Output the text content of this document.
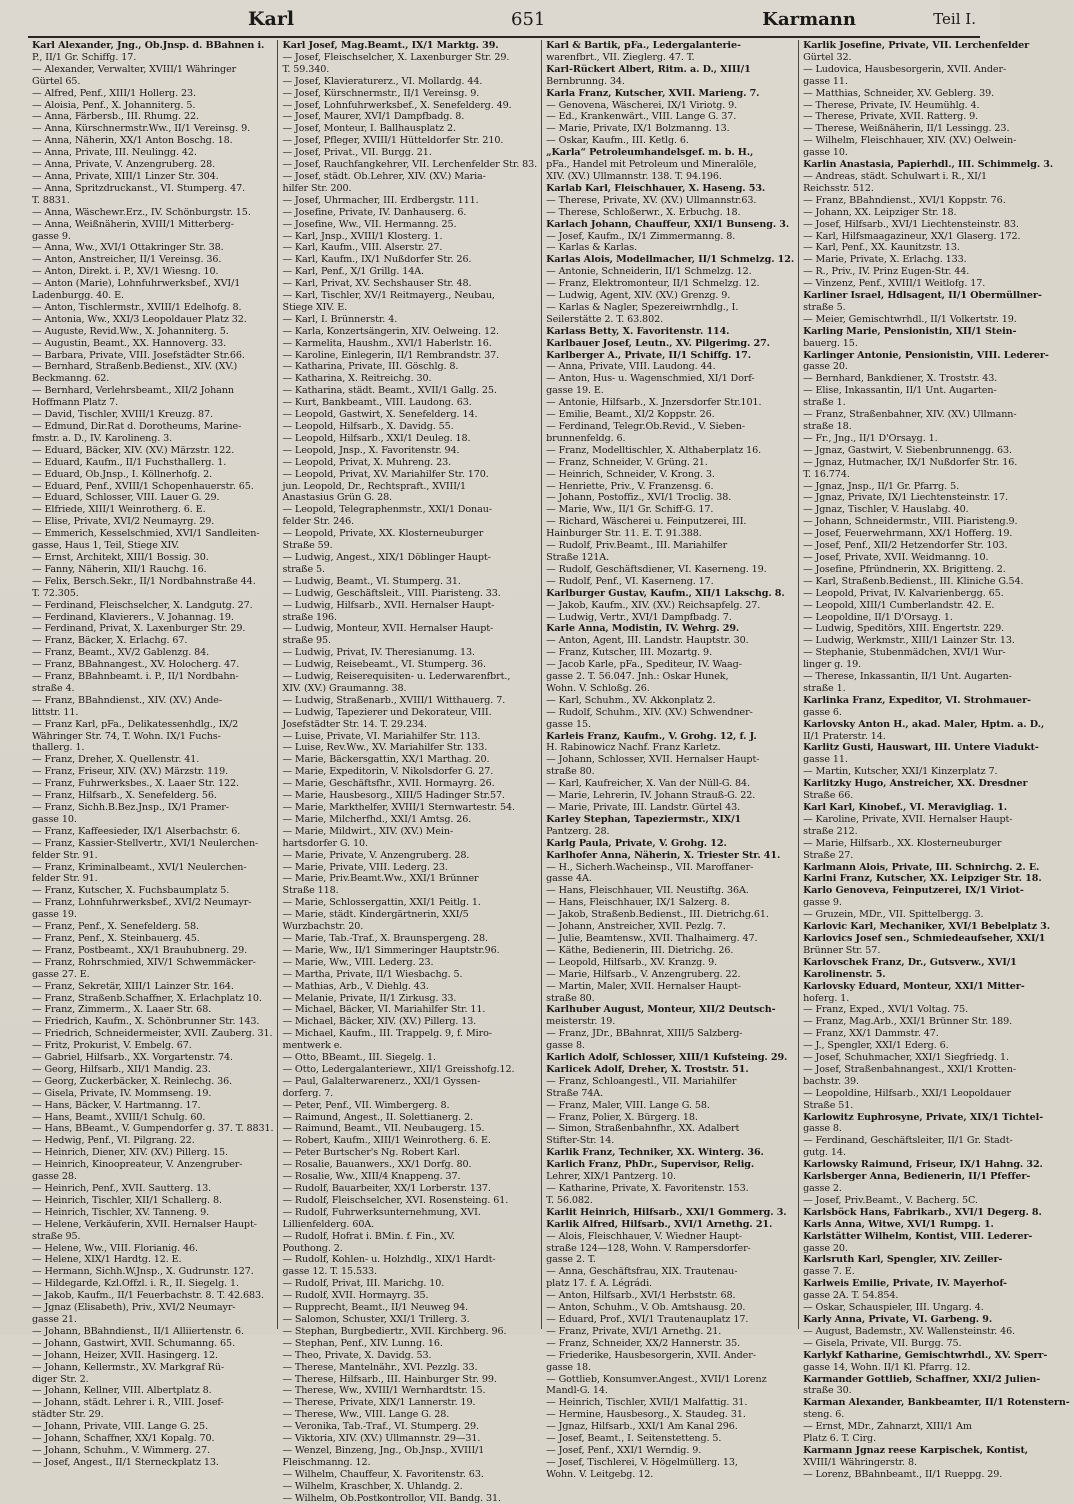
Karl	651	Karmann	Teil I.
Karl Alexander, Jng., Ob.Jnsp. d. BBahnen i.
P., II/1 Gr. Schiffg. 17.
— Alexander, Verwalter, XVIII/1 Währinger
Gürtel 65.
— Alfred, Penf., XIII/1 Hollerg. 23.
— Aloisia, Penf., X. Johanniterg. 5.
— Anna, Färbersb., III. Rhumg. 22.
— Anna, Kürschnermstr.Ww., II/1 Vereinsg. 9.
— Anna, Näherin, XX/1 Anton Boschg. 18.
— Anna, Private, III. Neulingg. 42.
— Anna, Private, V. Anzengruberg. 28.
— Anna, Private, XIII/1 Linzer Str. 304.
— Anna, Spritzdruckanst., VI. Stumperg. 47.
T. 8831.
— Anna, Wäschewr.Erz., IV. Schönburgstr. 15.
— Anna, Weißnäherin, XVIII/1 Mitterberg-
gasse 9.
— Anna, Ww., XVI/1 Ottakringer Str. 38.
— Anton, Anstreicher, II/1 Vereinsg. 36.
— Anton, Direkt. i. P., XV/1 Wiesng. 10.
— Anton (Marie), Lohnfuhrwerksbef., XVI/1
Ladenburgg. 40. E.
— Anton, Tischlermstr., XVIII/1 Edelhofg. 8.
— Antonia, Ww., XXI/3 Leopoldauer Platz 32.
— Auguste, Revid.Ww., X. Johanniterg. 5.
— Augustin, Beamt., XX. Hannoverg. 33.
— Barbara, Private, VIII. Josefstädter Str.66.
— Bernhard, Straßenb.Bedienst., XIV. (XV.)
Beckmanng. 62.
— Bernhard, Verlehrsbeamt., XII/2 Johann
Hoffmann Platz 7.
— David, Tischler, XVIII/1 Kreuzg. 87.
— Edmund, Dir.Rat d. Dorotheums, Marine-
fmstr. a. D., IV. Karolineng. 3.
— Eduard, Bäcker, XIV. (XV.) Märzstr. 122.
— Eduard, Kaufm., II/1 Fuchsthallerg. 1.
— Eduard, Ob.Jnsp., I. Köllnerhofg. 2.
— Eduard, Penf., XVIII/1 Schopenhauerstr. 65.
— Eduard, Schlosser, VIII. Lauer G. 29.
— Elfriede, XIII/1 Weinrotherg. 6. E.
— Elise, Private, XVI/2 Neumayrg. 29.
— Emmerich, Kesselschmied, XVI/1 Sandleiten-
gasse, Haus 1, Teil, Stiege XIV.
— Ernst, Architekt, XIII/1 Bossig. 30.
— Fanny, Näherin, XII/1 Rauchg. 16.
— Felix, Bersch.Sekr., II/1 Nordbahnstraße 44.
T. 72.305.
— Ferdinand, Fleischselcher, X. Landgutg. 27.
— Ferdinand, Klavierers., V. Johannag. 19.
— Ferdinand, Privat, X. Laxenburger Str. 29.
— Franz, Bäcker, X. Erlachg. 67.
— Franz, Beamt., XV/2 Gablenzg. 84.
— Franz, BBahnangest., XV. Holocherg. 47.
— Franz, BBahnbeamt. i. P., II/1 Nordbahn-
straße 4.
— Franz, BBahndienst., XIV. (XV.) Ande-
littstr. 11.
— Franz Karl, pFa., Delikatessenhdlg., IX/2
Währinger Str. 74, T. Wohn. IX/1 Fuchs-
thallerg. 1.
— Franz, Dreher, X. Quellenstr. 41.
— Franz, Friseur, XIV. (XV.) Märzstr. 119.
— Franz, Fuhrwerksbes., X. Laaer Str. 122.
— Franz, Hilfsarb., X. Senefelderg. 56.
— Franz, Sichh.B.Bez.Jnsp., IX/1 Pramer-
gasse 10.
— Franz, Kaffeesieder, IX/1 Alserbachstr. 6.
— Franz, Kassier-Stellvertr., XVI/1 Neulerchen-
felder Str. 91.
— Franz, Kriminalbeamt., XVI/1 Neulerchen-
felder Str. 91.
— Franz, Kutscher, X. Fuchsbaumplatz 5.
— Franz, Lohnfuhrwerksbef., XVI/2 Neumayr-
gasse 19.
— Franz, Penf., X. Senefelderg. 58.
— Franz, Penf., X. Steinbauerg. 45.
— Franz, Postbeamt., XX/1 Brauhubnerg. 29.
— Franz, Rohrschmied, XIV/1 Schwemmäcker-
gasse 27. E.
— Franz, Sekretär, XIII/1 Lainzer Str. 164.
— Franz, Straßenb.Schaffner, X. Erlachplatz 10.
— Franz, Zimmerm., X. Laaer Str. 68.
— Friedrich, Kaufm., X. Schönbrunner Str. 143.
— Friedrich, Schneidermeister, XVII. Zauberg. 31.
— Fritz, Prokurist, V. Embelg. 67.
— Gabriel, Hilfsarb., XX. Vorgartenstr. 74.
— Georg, Hilfsarb., XII/1 Mandig. 23.
— Georg, Zuckerbäcker, X. Reinlechg. 36.
— Gisela, Private, IV. Mommseng. 19.
— Hans, Bäcker, V. Hartmanng. 17.
— Hans, Beamt., XVIII/1 Schulg. 60.
— Hans, BBeamt., V. Gumpendorfer g. 37. T. 8831.
— Hedwig, Penf., VI. Pilgrang. 22.
— Heinrich, Diener, XIV. (XV.) Pillerg. 15.
— Heinrich, Kinoopreateur, V. Anzengruber-
gasse 28.
— Heinrich, Penf., XVII. Sautterg. 13.
— Heinrich, Tischler, XII/1 Schallerg. 8.
— Heinrich, Tischler, XV. Tanneng. 9.
— Helene, Verkäuferin, XVII. Hernalser Haupt-
straße 95.
— Helene, Ww., VIII. Florianig. 46.
— Helene, XIX/1 Hardtg. 12. E.
— Hermann, Sichh.W.Jnsp., X. Gudrunstr. 127.
— Hildegarde, Kzl.Offzl. i. R., II. Siegelg. 1.
— Jakob, Kaufm., II/1 Feuerbachstr. 8. T. 42.683.
— Jgnaz (Elisabeth), Priv., XVI/2 Neumayr-
gasse 21.
— Johann, BBahndienst., II/1 Alliiertenstr. 6.
— Johann, Gastwirt, XVII. Schumanng. 65.
— Johann, Heizer, XVII. Hasingerg. 12.
— Johann, Kellermstr., XV. Markgraf Rü-
diger Str. 2.
— Johann, Kellner, VIII. Albertplatz 8.
— Johann, städt. Lehrer i. R., VIII. Josef-
städter Str. 29.
— Johann, Private, VIII. Lange G. 25.
— Johann, Schaffner, XX/1 Kopalg. 70.
— Johann, Schuhm., V. Wimmerg. 27.
— Josef, Angest., II/1 Sterneckplatz 13.
Karl Josef, Mag.Beamt., IX/1 Marktg. 39.
— Josef, Fleischselcher, X. Laxenburger Str. 29.
T. 59.340.
— Josef, Klavieraturerz., VI. Mollardg. 44.
— Josef, Kürschnermstr., II/1 Vereinsg. 9.
— Josef, Lohnfuhrwerksbef., X. Senefelderg. 49.
— Josef, Maurer, XVI/1 Dampfbadg. 8.
— Josef, Monteur, I. Ballhausplatz 2.
— Josef, Pfleger, XVIII/1 Hütteldorfer Str. 210.
— Josef, Privat., VII. Burgg. 21.
— Josef, Rauchfangkehrer, VII. Lerchenfelder Str. 83.
— Josef, städt. Ob.Lehrer, XIV. (XV.) Maria-
hilfer Str. 200.
— Josef, Uhrmacher, III. Erdbergstr. 111.
— Josefine, Private, IV. Danhauserg. 6.
— Josefine, Ww., VII. Hermanng. 25.
— Karl, Jnsp., XVIII/1 Klosterg. 1.
— Karl, Kaufm., VIII. Alserstr. 27.
— Karl, Kaufm., IX/1 Nußdorfer Str. 26.
— Karl, Penf., X/1 Grillg. 14A.
— Karl, Privat, XV. Sechshauser Str. 48.
— Karl, Tischler, XV/1 Reitmayerg., Neubau,
Stiege XIV. E.
— Karl, I. Brünnerstr. 4.
— Karla, Konzertsängerin, XIV. Oelweing. 12.
— Karmelita, Haushm., XVI/1 Haberlstr. 16.
— Karoline, Einlegerin, II/1 Rembrandstr. 37.
— Katharina, Private, III. Göschlg. 8.
— Katharina, X. Reitreichg. 30.
— Katharina, städt. Beamt., XVII/1 Gallg. 25.
— Kurt, Bankbeamt., VIII. Laudong. 63.
— Leopold, Gastwirt, X. Senefelderg. 14.
— Leopold, Hilfsarb., X. Davidg. 55.
— Leopold, Hilfsarb., XXI/1 Deuleg. 18.
— Leopold, Jnsp., X. Favoritenstr. 94.
— Leopold, Privat, X. Muhreng. 23.
— Leopold, Privat, XV. Mariahilfer Str. 170.
jun. Leopold, Dr., Rechtspraft., XVIII/1
Anastasius Grün G. 28.
— Leopold, Telegraphenmstr., XXI/1 Donau-
felder Str. 246.
— Leopold, Private, XX. Klosterneuburger
Straße 59.
— Ludwig, Angest., XIX/1 Döblinger Haupt-
straße 5.
— Ludwig, Beamt., VI. Stumperg. 31.
— Ludwig, Geschäftsleit., VIII. Piaristeng. 33.
— Ludwig, Hilfsarb., XVII. Hernalser Haupt-
straße 196.
— Ludwig, Monteur, XVII. Hernalser Haupt-
straße 95.
— Ludwig, Privat, IV. Theresianumg. 13.
— Ludwig, Reisebeamt., VI. Stumperg. 36.
— Ludwig, Reiserequisiten- u. Lederwarenfbrt.,
XIV. (XV.) Graumanng. 38.
— Ludwig, Straßenarb., XVIII/1 Witthauerg. 7.
— Ludwig, Tapezierer und Dekorateur, VIII.
Josefstädter Str. 14. T. 29.234.
— Luise, Private, VI. Mariahilfer Str. 113.
— Luise, Rev.Ww., XV. Mariahilfer Str. 133.
— Marie, Bäckersgattin, XX/1 Marthag. 20.
— Marie, Expeditorin, V. Nikolsdorfer G. 27.
— Marie, Geschäftsfhr., XVII. Hormayrg. 26.
— Marie, Hausbesorg., XIII/5 Hadinger Str.57.
— Marie, Markthelfer, XVIII/1 Sternwartestr. 54.
— Marie, Milcherfhd., XXI/1 Amtsg. 26.
— Marie, Mildwirt., XIV. (XV.) Mein-
hartsdorfer G. 10.
— Marie, Private, V. Anzengruberg. 28.
— Marie, Private, VIII. Lederg. 23.
— Marie, Priv.Beamt.Ww., XXI/1 Brünner
Straße 118.
— Marie, Schlossergattin, XXI/1 Peitlg. 1.
— Marie, städt. Kindergärtnerin, XXI/5
Wurzbachstr. 20.
— Marie, Tab.-Traf., X. Braunspergeng. 28.
— Marie, Ww., II/1 Simmeringer Hauptstr.96.
— Marie, Ww., VIII. Lederg. 23.
— Martha, Private, II/1 Wiesbachg. 5.
— Mathias, Arb., V. Diehlg. 43.
— Melanie, Private, II/1 Zirkusg. 33.
— Michael, Bäcker, VI. Mariahilfer Str. 11.
— Michael, Bäcker, XIV. (XV.) Pillerg. 13.
— Michael, Kaufm., III. Trappelg. 9, f. Miro-
mentwerk e.
— Otto, BBeamt., III. Siegelg. 1.
— Otto, Ledergalanteriewr., XII/1 Greisshofg.12.
— Paul, Galalterwarenerz., XXI/1 Gyssen-
dorferg. 7.
— Peter, Penf., VII. Wimbergerg. 8.
— Raimund, Angest., II. Solettianerg. 2.
— Raimund, Beamt., VII. Neubaugerg. 15.
— Robert, Kaufm., XIII/1 Weinrotherg. 6. E.
— Peter Burtscher's Ng. Robert Karl.
— Rosalie, Bauanwers., XX/1 Dorfg. 80.
— Rosalie, Ww., XIII/4 Knappeng. 37.
— Rudolf, Bauarbeiter, XX/1 Lorberstr. 137.
— Rudolf, Fleischselcher, XVI. Rosensteing. 61.
— Rudolf, Fuhrwerksunternehmung, XVI.
Lillienfelderg. 60A.
— Rudolf, Hofrat i. BMin. f. Fin., XV.
Pouthong. 2.
— Rudolf, Kohlen- u. Holzhdlg., XIX/1 Hardt-
gasse 12. T. 15.533.
— Rudolf, Privat, III. Marichg. 10.
— Rudolf, XVII. Hormayrg. 35.
— Rupprecht, Beamt., II/1 Neuweg 94.
— Salomon, Schuster, XXI/1 Trillerg. 3.
— Stephan, Burgbediertr., XVII. Kirchberg. 96.
— Stephan, Penf., XIV. Lunng. 16.
— Theo, Private, X. Davidg. 53.
— Therese, Mantelnähr., XVI. Pezzlg. 33.
— Therese, Hilfsarb., III. Hainburger Str. 99.
— Therese, Ww., XVIII/1 Wernhardtstr. 15.
— Therese, Private, XIX/1 Lannerstr. 19.
— Therese, Ww., VIII. Lange G. 28.
— Veronika, Tab.-Traf., VI. Stumperg. 29.
— Viktoria, XIV. (XV.) Ullmannstr. 29—31.
— Wenzel, Binzeng, Jng., Ob.Jnsp., XVIII/1
Fleischmanng. 12.
— Wilhelm, Chauffeur, X. Favoritenstr. 63.
— Wilhelm, Kraschber, X. Uhlandg. 2.
— Wilhelm, Ob.Postkontrollor, VII. Bandg. 31.
Karl & Bartik, pFa., Ledergalanterie-
warenfbrt., VII. Zieglerg. 47. T.
Karl-Rückert Albert, Ritm. a. D., XIII/1
Bernbrunng. 34.
Karla Franz, Kutscher, XVII. Marieng. 7.
— Genovena, Wäscherei, IX/1 Viriotg. 9.
— Ed., Krankenwärt., VIII. Lange G. 37.
— Marie, Private, IX/1 Bolzmanng. 13.
— Oskar, Kaufm., III. Ketlg. 6.
„Karla“ Petroleumhandelsgef. m. b. H.,
pFa., Handel mit Petroleum und Mineralöle,
XIV. (XV.) Ullmannstr. 138. T. 94.196.
Karlab Karl, Fleischhauer, X. Haseng. 53.
— Therese, Private, XV. (XV.) Ullmannstr.63.
— Therese, Schloßerwr., X. Erbuchg. 18.
Karlach Johann, Chauffeur, XXI/1 Bunseng. 3.
— Josef, Kaufm., IX/1 Zimmermanng. 8.
— Karlas & Karlas.
Karlas Alois, Modellmacher, II/1 Schmelzg. 12.
— Antonie, Schneiderin, II/1 Schmelzg. 12.
— Franz, Elektromonteur, II/1 Schmelzg. 12.
— Ludwig, Agent, XIV. (XV.) Grenzg. 9.
— Karlas & Nagler, Spezereiwrnhdlg., I.
Seilerstätte 2. T. 63.802.
Karlass Betty, X. Favoritenstr. 114.
Karlbauer Josef, Leutn., XV. Pilgerimg. 27.
Karlberger A., Private, II/1 Schiffg. 17.
— Anna, Private, VIII. Laudong. 44.
— Anton, Hus- u. Wagenschmied, XI/1 Dorf-
gasse 19. E.
— Antonie, Hilfsarb., X. Jnzersdorfer Str.101.
— Emilie, Beamt., XI/2 Koppstr. 26.
— Ferdinand, Telegr.Ob.Revid., V. Sieben-
brunnenfeldg. 6.
— Franz, Modelltischler, X. Althaberplatz 16.
— Franz, Schneider, V. Grüng. 21.
— Heinrich, Schneider, V. Krong. 3.
— Henriette, Priv., V. Franzensg. 6.
— Johann, Postoffiz., XVI/1 Troclig. 38.
— Marie, Ww., II/1 Gr. Schiff-G. 17.
— Richard, Wäscherei u. Feinputzerei, III.
Hainburger Str. 11. E. T. 91.388.
— Rudolf, Priv.Beamt., III. Mariahilfer
Straße 121A.
— Rudolf, Geschäftsdiener, VI. Kaserneng. 19.
— Rudolf, Penf., VI. Kaserneng. 17.
Karlburger Gustav, Kaufm., XII/1 Lakschg. 8.
— Jakob, Kaufm., XIV. (XV.) Reichsapfelg. 27.
— Ludwig, Vertr., XVI/1 Dampfbadg. 7.
Karle Anna, Modistin, IV. Wehrg. 29.
— Anton, Agent, III. Landstr. Hauptstr. 30.
— Franz, Kutscher, III. Mozartg. 9.
— Jacob Karle, pFa., Spediteur, IV. Waag-
gasse 2. T. 56.047. Jnh.: Oskar Hunek,
Wohn. V. Schloßg. 26.
— Karl, Schuhm., XV. Akkonplatz 2.
— Rudolf, Schuhm., XIV. (XV.) Schwendner-
gasse 15.
Karleis Franz, Kaufm., V. Grohg. 12, f. J.
H. Rabinowicz Nachf. Franz Karletz.
— Johann, Schlosser, XVII. Hernalser Haupt-
straße 80.
— Karl, Kaufreicher, X. Van der Nüll-G. 84.
— Marie, Lehrerin, IV. Johann Strauß-G. 22.
— Marie, Private, III. Landstr. Gürtel 43.
Karley Stephan, Tapeziermstr., XIX/1
Pantzerg. 28.
Karlg Paula, Private, V. Grohg. 12.
Karlhofer Anna, Näherin, X. Triester Str. 41.
— H., Sicherh.Wacheinsp., VII. Maroffaner-
gasse 4A.
— Hans, Fleischhauer, VII. Neustiftg. 36A.
— Hans, Fleischhauer, IX/1 Salzerg. 8.
— Jakob, Straßenb.Bedienst., III. Dietrichg.61.
— Johann, Anstreicher, XVII. Pezlg. 7.
— Julie, Beamtensw., XVII. Thalhaimerg. 47.
— Käthe, Bedienerin, III. Dietrichg. 26.
— Leopold, Hilfsarb., XV. Kranzg. 9.
— Marie, Hilfsarb., V. Anzengruberg. 22.
— Martin, Maler, XVII. Hernalser Haupt-
straße 80.
Karlhuber August, Monteur, XII/2 Deutsch-
meisterstr. 19.
— Franz, JDr., BBahnrat, XIII/5 Salzberg-
gasse 8.
Karlich Adolf, Schlosser, XIII/1 Kufsteing. 29.
Karlicek Adolf, Dreher, X. Troststr. 51.
— Franz, Schloangestl., VII. Mariahilfer
Straße 74A.
— Franz, Maler, VIII. Lange G. 58.
— Franz, Polier, X. Bürgerg. 18.
— Simon, Straßenbahnfhr., XX. Adalbert
Stifter-Str. 14.
Karlik Franz, Techniker, XX. Winterg. 36.
Karlich Franz, PhDr., Supervisor, Relig.
Lehrer, XIX/1 Pantzerg. 10.
— Katharine, Private, X. Favoritenstr. 153.
T. 56.082.
Karlit Heinrich, Hilfsarb., XXI/1 Gommerg. 3.
Karlik Alfred, Hilfsarb., XVI/1 Arnethg. 21.
— Alois, Fleischhauer, V. Wiedner Haupt-
straße 124—128, Wohn. V. Rampersdorfer-
gasse 2. T.
— Anna, Geschäftsfrau, XIX. Trautenau-
platz 17. f. A. Légrádi.
— Anton, Hilfsarb., XVI/1 Herbststr. 68.
— Anton, Schuhm., V. Ob. Amtshausg. 20.
— Eduard, Prof., XVI/1 Trautenauplatz 17.
— Franz, Private, XVI/1 Arnethg. 21.
— Franz, Schneider, XX/2 Hannerstr. 35.
— Friederike, Hausbesorgerin, XVII. Ander-
gasse 18.
— Gottlieb, Konsumver.Angest., XVII/1 Lorenz
Mandl-G. 14.
— Heinrich, Tischler, XVII/1 Malfattig. 31.
— Hermine, Hausbesorg., X. Staudeg. 31.
— Jgnaz, Hilfsarb., XXI/1 Am Kanal 296.
— Josef, Beamt., I. Seitenstetteng. 5.
— Josef, Penf., XXI/1 Werndig. 9.
— Josef, Tischlerei, V. Högelmüllerg. 13,
Wohn. V. Leitgebg. 12.
Karlik Josefine, Private, VII. Lerchenfelder
Gürtel 32.
— Ludovica, Hausbesorgerin, XVII. Ander-
gasse 11.
— Matthias, Schneider, XV. Geblerg. 39.
— Therese, Private, IV. Heumühlg. 4.
— Therese, Private, XVII. Ratterg. 9.
— Therese, Weißnäherin, II/1 Lessingg. 23.
— Wilhelm, Fleischhauer, XIV. (XV.) Oelwein-
gasse 10.
Karlin Anastasia, Papierhdl., III. Schimmelg. 3.
— Andreas, städt. Schulwart i. R., XI/1
Reichsstr. 512.
— Franz, BBahndienst., XVI/1 Koppstr. 76.
— Johann, XX. Leipziger Str. 18.
— Josef, Hilfsarb., XVI/1 Liechtensteinstr. 83.
— Karl, Hilfsmaagazineur, XX/1 Glaserg. 172.
— Karl, Penf., XX. Kaunitzstr. 13.
— Marie, Private, X. Erlachg. 133.
— R., Priv., IV. Prinz Eugen-Str. 44.
— Vinzenz, Penf., XVIII/1 Weitlofg. 17.
Karliner Israel, Hdlsagent, II/1 Obermüllner-
straße 5.
— Meier, Gemischtwrhdl., II/1 Volkertstr. 19.
Karling Marie, Pensionistin, XII/1 Stein-
bauerg. 15.
Karlinger Antonie, Pensionistin, VIII. Lederer-
gasse 20.
— Bernhard, Bankdiener, X. Troststr. 43.
— Elise, Inkassantin, II/1 Unt. Augarten-
straße 1.
— Franz, Straßenbahner, XIV. (XV.) Ullmann-
straße 18.
— Fr., Jng., II/1 D'Orsayg. 1.
— Jgnaz, Gastwirt, V. Siebenbrunnengg. 63.
— Jgnaz, Hutmacher, IX/1 Nußdorfer Str. 16.
T. 16.774.
— Jgnaz, Jnsp., II/1 Gr. Pfarrg. 5.
— Jgnaz, Private, IX/1 Liechtensteinstr. 17.
— Jgnaz, Tischler, V. Hauslabg. 40.
— Johann, Schneidermstr., VIII. Piaristeng.9.
— Josef, Feuerwehrmann, XX/1 Hofferg. 19.
— Josef, Penf., XII/2 Hetzendorfer Str. 103.
— Josef, Private, XVII. Weidmanng. 10.
— Josefine, Pfründnerin, XX. Brigitteng. 2.
— Karl, Straßenb.Bedienst., III. Kliniche G.54.
— Leopold, Privat, IV. Kalvarienbergg. 65.
— Leopold, XIII/1 Cumberlandstr. 42. E.
— Leopoldine, II/1 D'Orsayg. 1.
— Ludwig, Speditörs, XIII. Engertstr. 229.
— Ludwig, Werkmstr., XIII/1 Lainzer Str. 13.
— Stephanie, Stubenmädchen, XVI/1 Wur-
linger g. 19.
— Therese, Inkassantin, II/1 Unt. Augarten-
straße 1.
Karlinka Franz, Expeditor, VI. Strohmauer-
gasse 6.
Karlovsky Anton H., akad. Maler, Hptm. a. D.,
II/1 Praterstr. 14.
Karlitz Gusti, Hauswart, III. Untere Viadukt-
gasse 11.
— Martin, Kutscher, XXI/1 Kinzerplatz 7.
Karlitzky Hugo, Anstreicher, XX. Dresdner
Straße 66.
Karl Karl, Kinobef., VI. Meravigliag. 1.
— Karoline, Private, XVII. Hernalser Haupt-
straße 212.
— Marie, Hilfsarb., XX. Klosterneuburger
Straße 27.
Karlmann Alois, Private, III. Schnirchg. 2. E.
Karlni Franz, Kutscher, XX. Leipziger Str. 18.
Karlo Genoveva, Feinputzerei, IX/1 Viriot-
gasse 9.
— Gruzein, MDr., VII. Spittelbergg. 3.
Karlovic Karl, Mechaniker, XVI/1 Bebelplatz 3.
Karlovics Josef sen., Schmiedeaufseher, XXI/1
Brünner Str. 57.
Karlovschek Franz, Dr., Gutsverw., XVI/1
Karolinenstr. 5.
Karlovsky Eduard, Monteur, XXI/1 Mitter-
hoferg. 1.
— Franz, Exped., XVI/1 Voltag. 75.
— Franz, Mag.Arb., XXI/1 Brünner Str. 189.
— Franz, XX/1 Dammstr. 47.
— J., Spengler, XXI/1 Ederg. 6.
— Josef, Schuhmacher, XXI/1 Siegfriedg. 1.
— Josef, Straßenbahnangest., XXI/1 Krotten-
bachstr. 39.
— Leopoldine, Hilfsarb., XXI/1 Leopoldauer
Straße 51.
Karlowitz Euphrosyne, Private, XIX/1 Tichtel-
gasse 8.
— Ferdinand, Geschäftsleiter, II/1 Gr. Stadt-
gutg. 14.
Karlowsky Raimund, Friseur, IX/1 Hahng. 32.
Karlsberger Anna, Bedienerin, II/1 Pfeffer-
gasse 2.
— Josef, Priv.Beamt., V. Bacherg. 5C.
Karlsböck Hans, Fabrikarb., XVI/1 Degerg. 8.
Karls Anna, Witwe, XVI/1 Rumpg. 1.
Karlstätter Wilhelm, Kontist, VIII. Lederer-
gasse 20.
Karlsruth Karl, Spengler, XIV. Zeiller-
gasse 7. E.
Karlweis Emilie, Private, IV. Mayerhof-
gasse 2A. T. 54.854.
— Oskar, Schauspieler, III. Ungarg. 4.
Karly Anna, Private, VI. Garbeng. 9.
— August, Bademstr., XV. Wallensteinstr. 46.
— Gisela, Private, VII. Burgg. 75.
Karlykf Katharine, Gemischtwrhdl., XV. Sperr-
gasse 14, Wohn. II/1 Kl. Pfarrg. 12.
Karmander Gottlieb, Schaffner, XXI/2 Julien-
straße 30.
Karman Alexander, Bankbeamter, II/1 Rotenstern-
steng. 6.
— Ernst, MDr., Zahnarzt, XIII/1 Am
Platz 6. T. Cirg.
Karmann Jgnaz reese Karpischek, Kontist,
XVIII/1 Währingerstr. 8.
— Lorenz, BBahnbeamt., II/1 Rueppg. 29.
